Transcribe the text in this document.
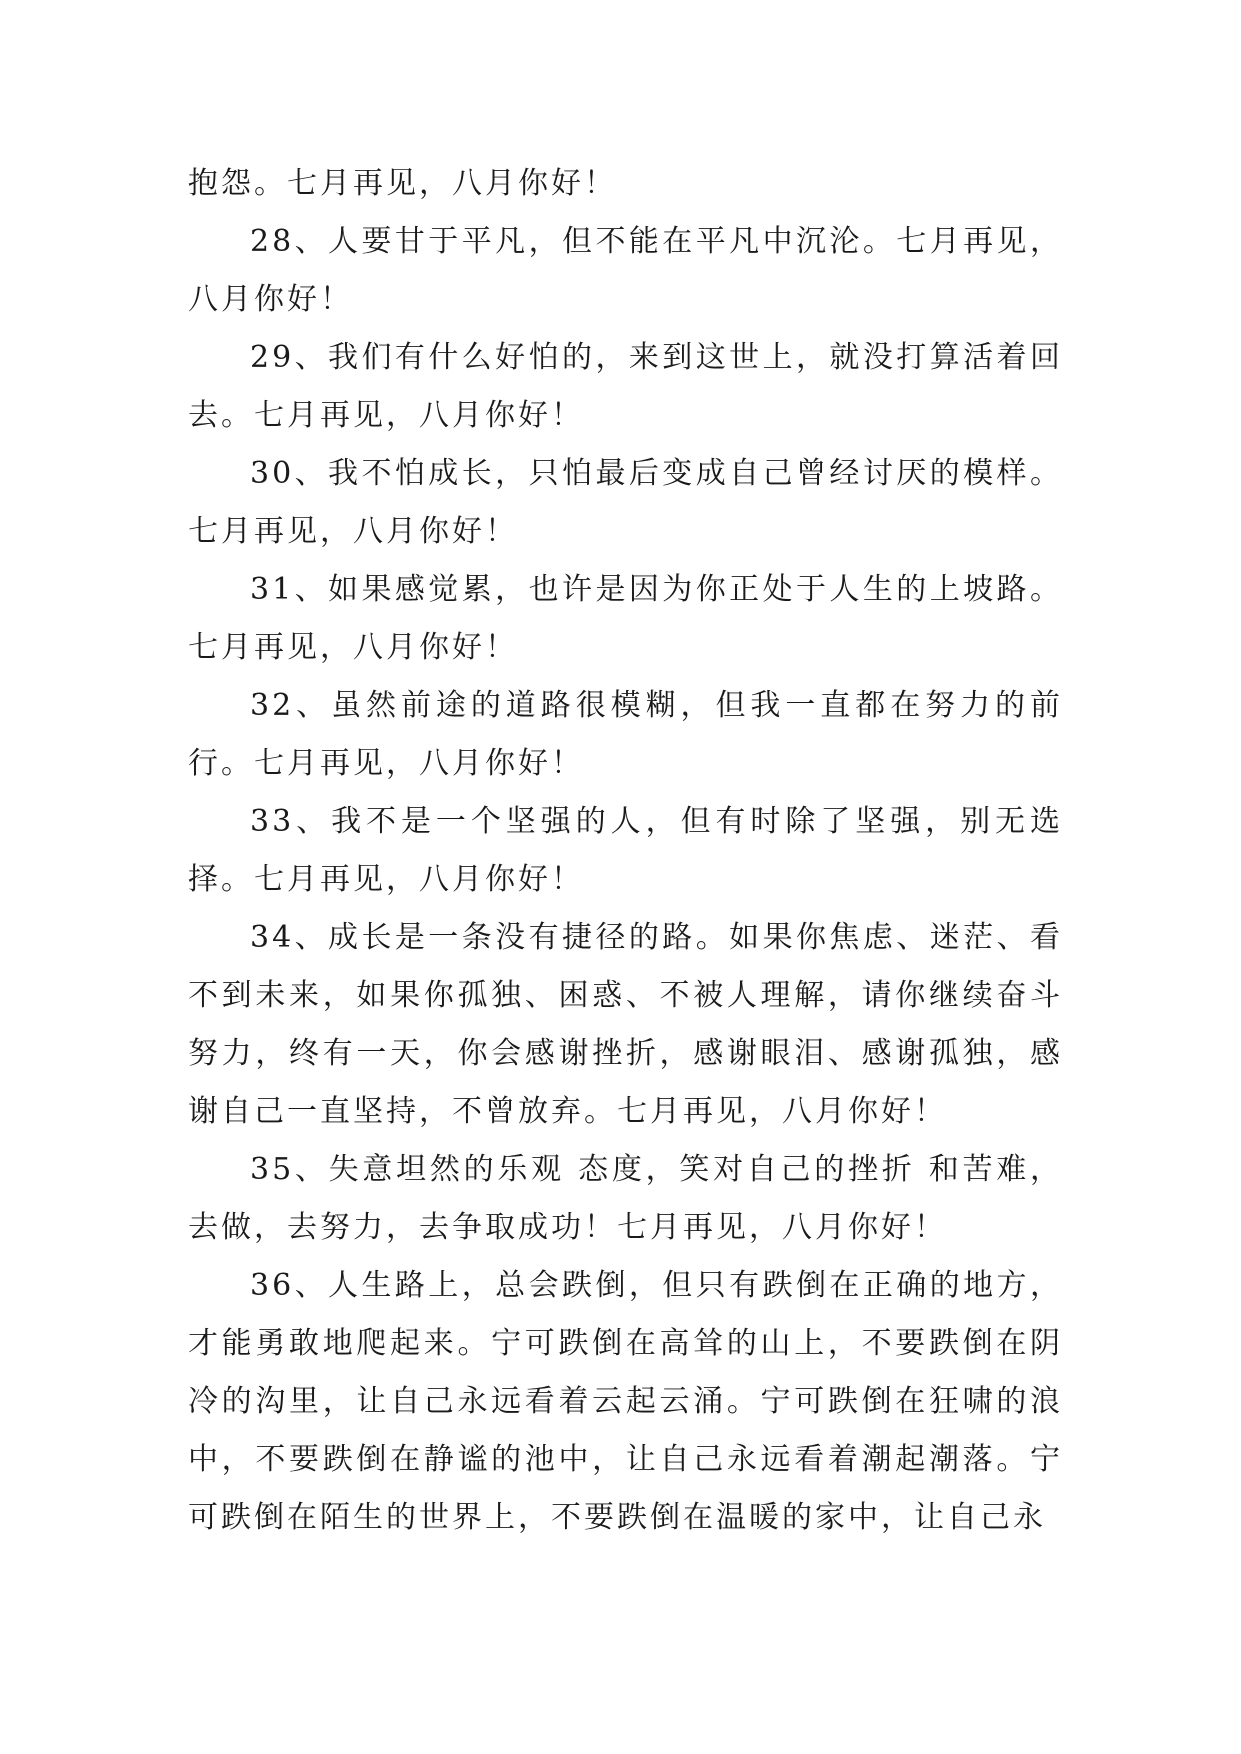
抱怨。七月再见，八月你好！

28、人要甘于平凡，但不能在平凡中沉沦。七月再见，八月你好！

29、我们有什么好怕的，来到这世上，就没打算活着回去。七月再见，八月你好！

30、我不怕成长，只怕最后变成自己曾经讨厌的模样。七月再见，八月你好！

31、如果感觉累，也许是因为你正处于人生的上坡路。七月再见，八月你好！

32、虽然前途的道路很模糊，但我一直都在努力的前行。七月再见，八月你好！

33、我不是一个坚强的人，但有时除了坚强，别无选择。七月再见，八月你好！

34、成长是一条没有捷径的路。如果你焦虑、迷茫、看不到未来，如果你孤独、困惑、不被人理解，请你继续奋斗努力，终有一天，你会感谢挫折，感谢眼泪、感谢孤独，感谢自己一直坚持，不曾放弃。七月再见，八月你好！

35、失意坦然的乐观 态度，笑对自己的挫折 和苦难，去做，去努力，去争取成功！七月再见，八月你好！

36、人生路上，总会跌倒，但只有跌倒在正确的地方，才能勇敢地爬起来。宁可跌倒在高耸的山上，不要跌倒在阴冷的沟里，让自己永远看着云起云涌。宁可跌倒在狂啸的浪中，不要跌倒在静谧的池中，让自己永远看着潮起潮落。宁可跌倒在陌生的世界上，不要跌倒在温暖的家中，让自己永
